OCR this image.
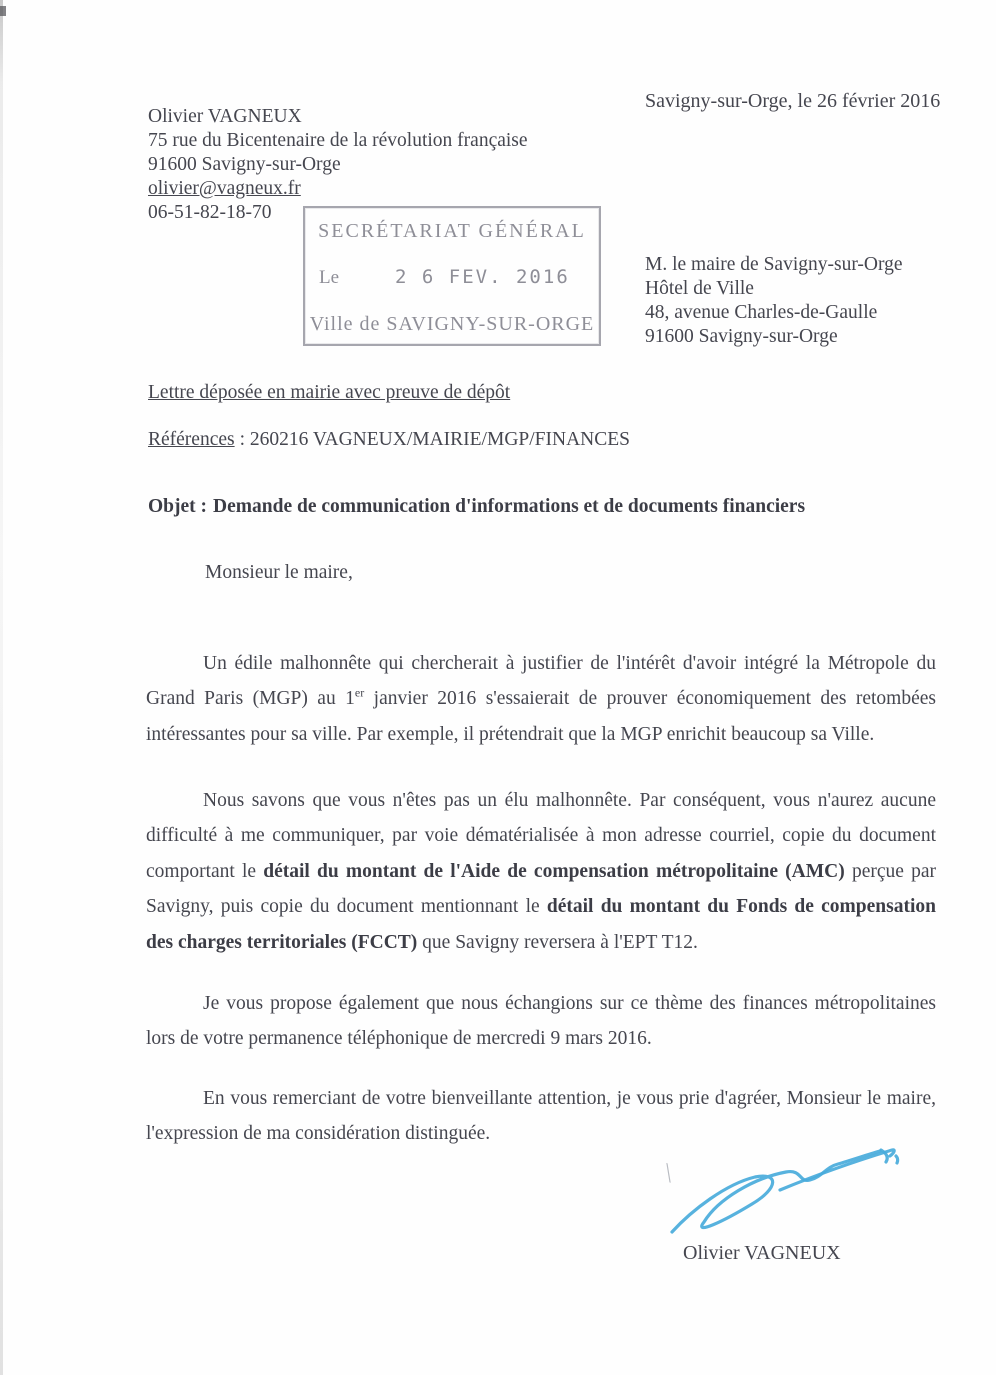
Savigny-sur-Orge, le 26 février 2016
Olivier VAGNEUX
75 rue du Bicentenaire de la révolution française
91600 Savigny-sur-Orge
olivier@vagneux.fr
06-51-82-18-70
SECRÉTARIAT GÉNÉRAL
Le	2 6 FEV. 2016
Ville de SAVIGNY-SUR-ORGE
M. le maire de Savigny-sur-Orge
Hôtel de Ville
48, avenue Charles-de-Gaulle
91600 Savigny-sur-Orge
Lettre déposée en mairie avec preuve de dépôt
Références : 260216 VAGNEUX/MAIRIE/MGP/FINANCES
Objet : Demande de communication d'informations et de documents financiers
Monsieur le maire,

Un édile malhonnête qui chercherait à justifier de l'intérêt d'avoir intégré la Métropole du Grand Paris (MGP) au 1er janvier 2016 s'essaierait de prouver économiquement des retombées intéressantes pour sa ville. Par exemple, il prétendrait que la MGP enrichit beaucoup sa Ville.

Nous savons que vous n'êtes pas un élu malhonnête. Par conséquent, vous n'aurez aucune difficulté à me communiquer, par voie dématérialisée à mon adresse courriel, copie du document comportant le détail du montant de l'Aide de compensation métropolitaine (AMC) perçue par Savigny, puis copie du document mentionnant le détail du montant du Fonds de compensation des charges territoriales (FCCT) que Savigny reversera à l'EPT T12.

Je vous propose également que nous échangions sur ce thème des finances métropolitaines lors de votre permanence téléphonique de mercredi 9 mars 2016.

En vous remerciant de votre bienveillante attention, je vous prie d'agréer, Monsieur le maire, l'expression de ma considération distinguée.

╲
Olivier VAGNEUX
